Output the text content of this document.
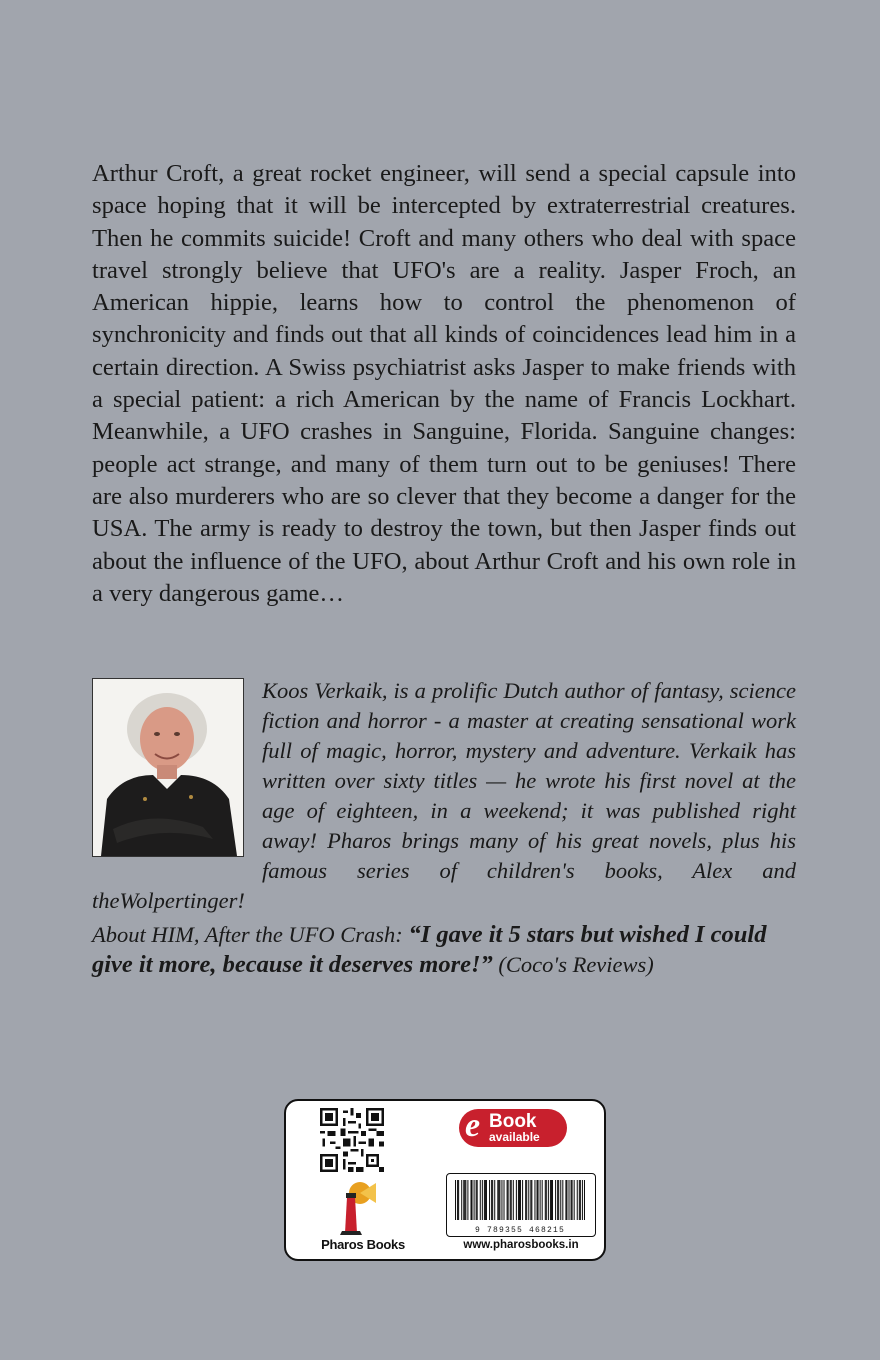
Arthur Croft, a great rocket engineer, will send a special capsule into space hoping that it will be intercepted by extraterrestrial creatures. Then he commits suicide! Croft and many others who deal with space travel strongly believe that UFO's are a reality. Jasper Froch, an American hippie, learns how to control the phenomenon of synchronicity and finds out that all kinds of coincidences lead him in a certain direction. A Swiss psychiatrist asks Jasper to make friends with a special patient: a rich American by the name of Francis Lockhart. Meanwhile, a UFO crashes in Sanguine, Florida. Sanguine changes: people act strange, and many of them turn out to be geniuses! There are also murderers who are so clever that they become a danger for the USA. The army is ready to destroy the town, but then Jasper finds out about the influence of the UFO, about Arthur Croft and his own role in a very dangerous game…

Koos Verkaik, is a prolific Dutch author of fantasy, science fiction and horror - a master at creating sensational work full of magic, horror, mystery and adventure. Verkaik has written over sixty titles — he wrote his first novel at the age of eighteen, in a weekend; it was published right away! Pharos brings many of his great novels, plus his famous series of children's books, Alex and theWolpertinger!

About HIM, After the UFO Crash: “I gave it 5 stars but wished I could give it more, because it deserves more!” (Coco's Reviews)

Pharos Books
e Book
available
9 789355 468215
www.pharosbooks.in
